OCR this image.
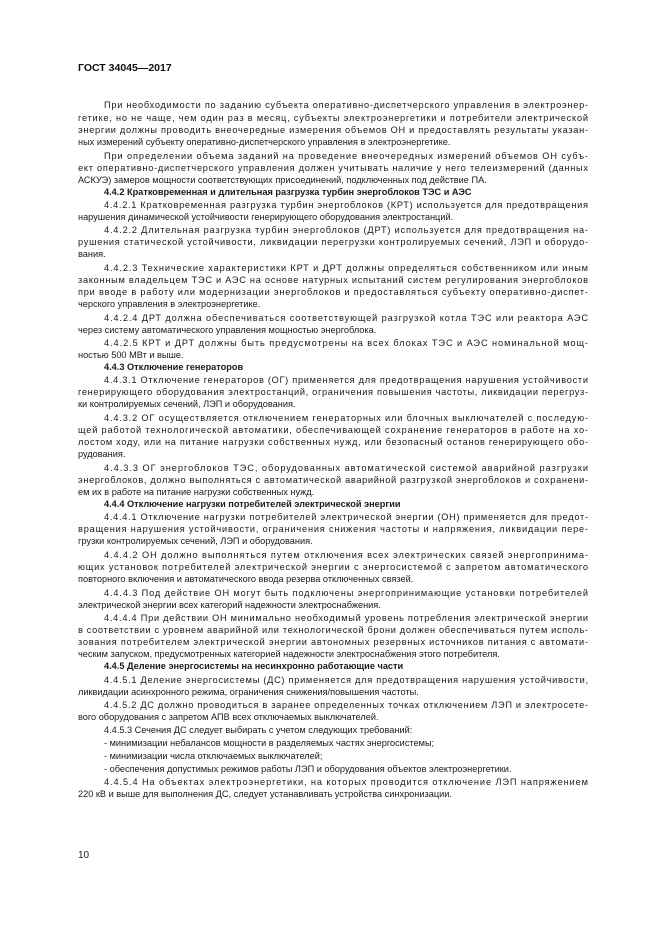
ГОСТ 34045—2017
При необходимости по заданию субъекта оперативно-диспетчерского управления в электроэнер-
гетике, но не чаще, чем один раз в месяц, субъекты электроэнергетики и потребители электрической
энергии должны проводить внеочередные измерения объемов ОН и предоставлять результаты указан-
ных измерений субъекту оперативно-диспетчерского управления в электроэнергетике.
При определении объема заданий на проведение внеочередных измерений объемов ОН субъ-
ект оперативно-диспетчерского управления должен учитывать наличие у него телеизмерений (данных
АСКУЭ) замеров мощности соответствующих присоединений, подключенных под действие ПА.
4.4.2 Кратковременная и длительная разгрузка турбин энергоблоков ТЭС и АЭС
4.4.2.1 Кратковременная разгрузка турбин энергоблоков (КРТ) используется для предотвращения
нарушения динамической устойчивости генерирующего оборудования электростанций.
4.4.2.2 Длительная разгрузка турбин энергоблоков (ДРТ) используется для предотвращения на-
рушения статической устойчивости, ликвидации перегрузки контролируемых сечений, ЛЭП и оборудо-
вания.
4.4.2.3 Технические характеристики КРТ и ДРТ должны определяться собственником или иным
законным владельцем ТЭС и АЭС на основе натурных испытаний систем регулирования энергоблоков
при вводе в работу или модернизации энергоблоков и предоставляться субъекту оперативно-диспет-
черского управления в электроэнергетике.
4.4.2.4 ДРТ должна обеспечиваться соответствующей разгрузкой котла ТЭС или реактора АЭС
через систему автоматического управления мощностью энергоблока.
4.4.2.5 КРТ и ДРТ должны быть предусмотрены на всех блоках ТЭС и АЭС номинальной мощ-
ностью 500 МВт и выше.
4.4.3 Отключение генераторов
4.4.3.1 Отключение генераторов (ОГ) применяется для предотвращения нарушения устойчивости
генерирующего оборудования электростанций, ограничения повышения частоты, ликвидации перегруз-
ки контролируемых сечений, ЛЭП и оборудования.
4.4.3.2 ОГ осуществляется отключением генераторных или блочных выключателей с последую-
щей работой технологической автоматики, обеспечивающей сохранение генераторов в работе на хо-
лостом ходу, или на питание нагрузки собственных нужд, или безопасный останов генерирующего обо-
рудования.
4.4.3.3 ОГ энергоблоков ТЭС, оборудованных автоматической системой аварийной разгрузки
энергоблоков, должно выполняться с автоматической аварийной разгрузкой энергоблоков и сохранени-
ем их в работе на питание нагрузки собственных нужд.
4.4.4 Отключение нагрузки потребителей электрической энергии
4.4.4.1 Отключение нагрузки потребителей электрической энергии (ОН) применяется для предот-
вращения нарушения устойчивости, ограничения снижения частоты и напряжения, ликвидации пере-
грузки контролируемых сечений, ЛЭП и оборудования.
4.4.4.2 ОН должно выполняться путем отключения всех электрических связей энергопринима-
ющих установок потребителей электрической энергии с энергосистемой с запретом автоматического
повторного включения и автоматического ввода резерва отключенных связей.
4.4.4.3 Под действие ОН могут быть подключены энергопринимающие установки потребителей
электрической энергии всех категорий надежности электроснабжения.
4.4.4.4 При действии ОН минимально необходимый уровень потребления электрической энергии
в соответствии с уровнем аварийной или технологической брони должен обеспечиваться путем исполь-
зования потребителем электрической энергии автономных резервных источников питания с автомати-
ческим запуском, предусмотренных категорией надежности электроснабжения этого потребителя.
4.4.5 Деление энергосистемы на несинхронно работающие части
4.4.5.1 Деление энергосистемы (ДС) применяется для предотвращения нарушения устойчивости,
ликвидации асинхронного режима, ограничения снижения/повышения частоты.
4.4.5.2 ДС должно проводиться в заранее определенных точках отключением ЛЭП и электросете-
вого оборудования с запретом АПВ всех отключаемых выключателей.
4.4.5.3 Сечения ДС следует выбирать с учетом следующих требований:
- минимизации небалансов мощности в разделяемых частях энергосистемы;
- минимизации числа отключаемых выключателей;
- обеспечения допустимых режимов работы ЛЭП и оборудования объектов электроэнергетики.
4.4.5.4 На объектах электроэнергетики, на которых проводится отключение ЛЭП напряжением
220 кВ и выше для выполнения ДС, следует устанавливать устройства синхронизации.
10
